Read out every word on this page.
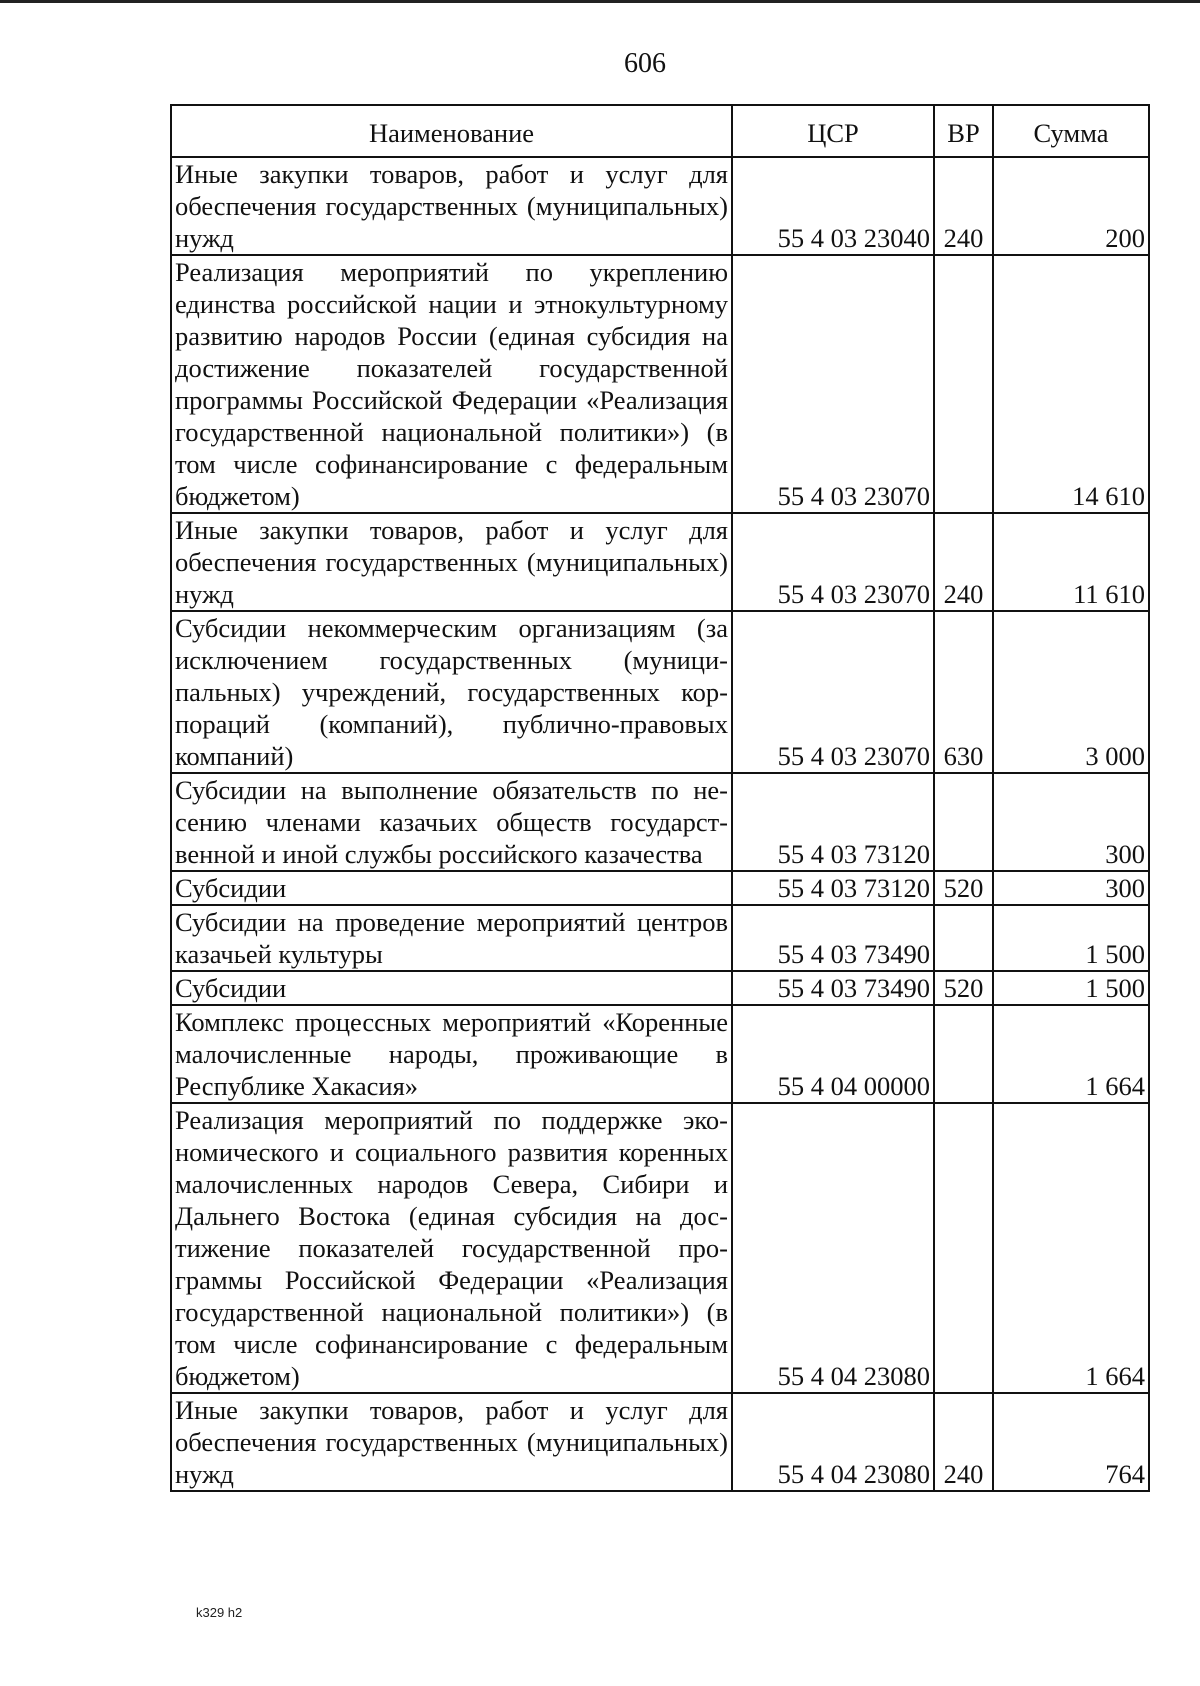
606
Наименование	ЦСР	ВР	Сумма
Иные закупки товаров, работ и услуг для обеспечения государственных (муниципальных) нужд	55 4 03 23040	240	200
Реализация мероприятий по укреплению единства российской нации и этнокультурному развитию народов России (единая субсидия на достижение показателей государственной программы Российской Федерации «Реализация государственной национальной политики») (в том числе софинансирование с федеральным бюджетом)	55 4 03 23070		14 610
Иные закупки товаров, работ и услуг для обеспечения государственных (муниципальных) нужд	55 4 03 23070	240	11 610
Субсидии некоммерческим организациям (за исключением государственных (муниципальных) учреждений, государственных корпораций (компаний), публично-правовых компаний)	55 4 03 23070	630	3 000
Субсидии на выполнение обязательств по несению членами казачьих обществ государственной и иной службы российского казачества	55 4 03 73120		300
Субсидии	55 4 03 73120	520	300
Субсидии на проведение мероприятий центров казачьей культуры	55 4 03 73490		1 500
Субсидии	55 4 03 73490	520	1 500
Комплекс процессных мероприятий «Коренные малочисленные народы, проживающие в Республике Хакасия»	55 4 04 00000		1 664
Реализация мероприятий по поддержке экономического и социального развития коренных малочисленных народов Севера, Сибири и Дальнего Востока (единая субсидия на достижение показателей государственной программы Российской Федерации «Реализация государственной национальной политики») (в том числе софинансирование с федеральным бюджетом)	55 4 04 23080		1 664
Иные закупки товаров, работ и услуг для обеспечения государственных (муниципальных) нужд	55 4 04 23080	240	764
k329 h2
